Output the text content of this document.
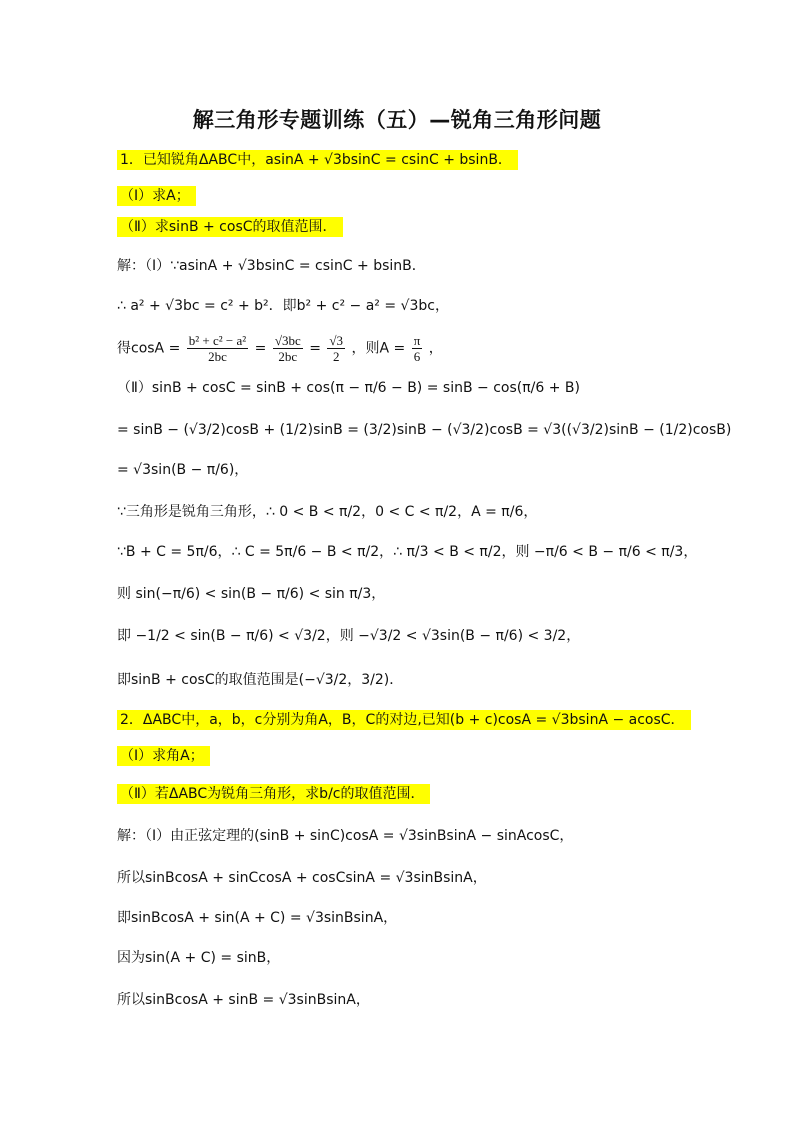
解三角形专题训练（五）—锐角三角形问题
1．已知锐角ΔABC中，asinA + √3bsinC = csinC + bsinB．
（Ⅰ）求A；
（Ⅱ）求sinB + cosC的取值范围．
解：（Ⅰ）∵asinA + √3bsinC = csinC + bsinB．
∴ a² + √3bc = c² + b²．即b² + c² − a² = √3bc，
得$\cos A = \frac{\text{b² + c² − a²}}{2bc} = \frac{√3bc}{2bc} = \frac{√3}{2}$ ，则$A = \frac{\pi}{6}$ ，
（Ⅱ）sinB + cosC = sinB + cos(π − π/6 − B) = sinB − cos(π/6 + B)
= sinB − (√3/2)cosB + (1/2)sinB = (3/2)sinB − (√3/2)cosB = √3((√3/2)sinB − (1/2)cosB)
= √3sin(B − π/6)，
∵三角形是锐角三角形，∴ 0 < B < π/2，0 < C < π/2，A = π/6，
∵B + C = 5π/6，∴ C = 5π/6 − B < π/2，∴ π/3 < B < π/2，则 −π/6 < B − π/6 < π/3，
则 sin(−π/6) < sin(B − π/6) < sin π/3，
即 −1/2 < sin(B − π/6) < √3/2，则 −√3/2 < √3sin(B − π/6) < 3/2，
即sinB + cosC的取值范围是(−√3/2，3/2)．
2．ΔABC中，a，b，c分别为角A，B，C的对边,已知(b + c)cosA = √3bsinA − acosC．
（Ⅰ）求角A；
（Ⅱ）若ΔABC为锐角三角形，求b/c的取值范围．
解：（Ⅰ）由正弦定理的(sinB + sinC)cosA = √3sinBsinA − sinAcosC，
所以sinBcosA + sinCcosA + cosCsinA = √3sinBsinA，
即sinBcosA + sin(A + C) = √3sinBsinA，
因为sin(A + C) = sinB，
所以sinBcosA + sinB = √3sinBsinA，
